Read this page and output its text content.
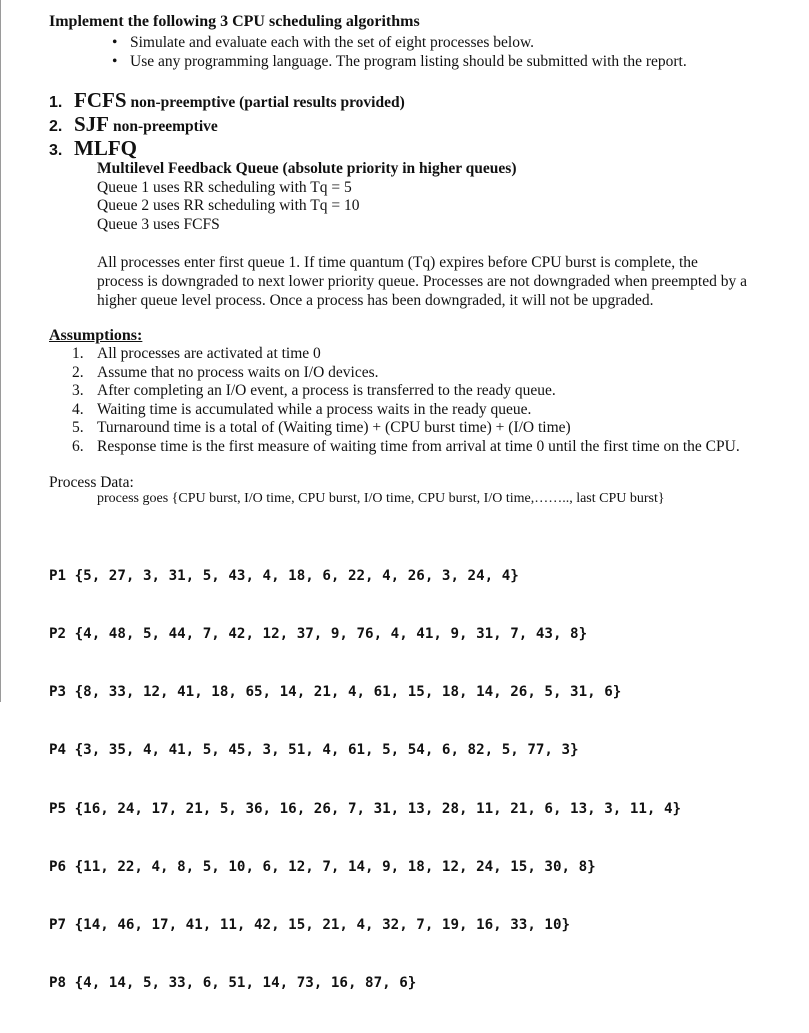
Implement the following 3 CPU scheduling algorithms
• Simulate and evaluate each with the set of eight processes below.
• Use any programming language. The program listing should be submitted with the report.
1. FCFS non-preemptive (partial results provided)
2. SJF non-preemptive
3. MLFQ
Multilevel Feedback Queue (absolute priority in higher queues)
Queue 1 uses RR scheduling with Tq = 5
Queue 2 uses RR scheduling with Tq = 10
Queue 3 uses FCFS
All processes enter first queue 1. If time quantum (Tq) expires before CPU burst is complete, the
process is downgraded to next lower priority queue. Processes are not downgraded when preempted by a
higher queue level process. Once a process has been downgraded, it will not be upgraded.
Assumptions:
1. All processes are activated at time 0
2. Assume that no process waits on I/O devices.
3. After completing an I/O event, a process is transferred to the ready queue.
4. Waiting time is accumulated while a process waits in the ready queue.
5. Turnaround time is a total of (Waiting time) + (CPU burst time) + (I/O time)
6. Response time is the first measure of waiting time from arrival at time 0 until the first time on the CPU.
Process Data:
process goes {CPU burst, I/O time, CPU burst, I/O time, CPU burst, I/O time,…….., last CPU burst}

P1 {5, 27, 3, 31, 5, 43, 4, 18, 6, 22, 4, 26, 3, 24, 4}

P2 {4, 48, 5, 44, 7, 42, 12, 37, 9, 76, 4, 41, 9, 31, 7, 43, 8}

P3 {8, 33, 12, 41, 18, 65, 14, 21, 4, 61, 15, 18, 14, 26, 5, 31, 6}

P4 {3, 35, 4, 41, 5, 45, 3, 51, 4, 61, 5, 54, 6, 82, 5, 77, 3}

P5 {16, 24, 17, 21, 5, 36, 16, 26, 7, 31, 13, 28, 11, 21, 6, 13, 3, 11, 4}

P6 {11, 22, 4, 8, 5, 10, 6, 12, 7, 14, 9, 18, 12, 24, 15, 30, 8}

P7 {14, 46, 17, 41, 11, 42, 15, 21, 4, 32, 7, 19, 16, 33, 10}

P8 {4, 14, 5, 33, 6, 51, 14, 73, 16, 87, 6}
